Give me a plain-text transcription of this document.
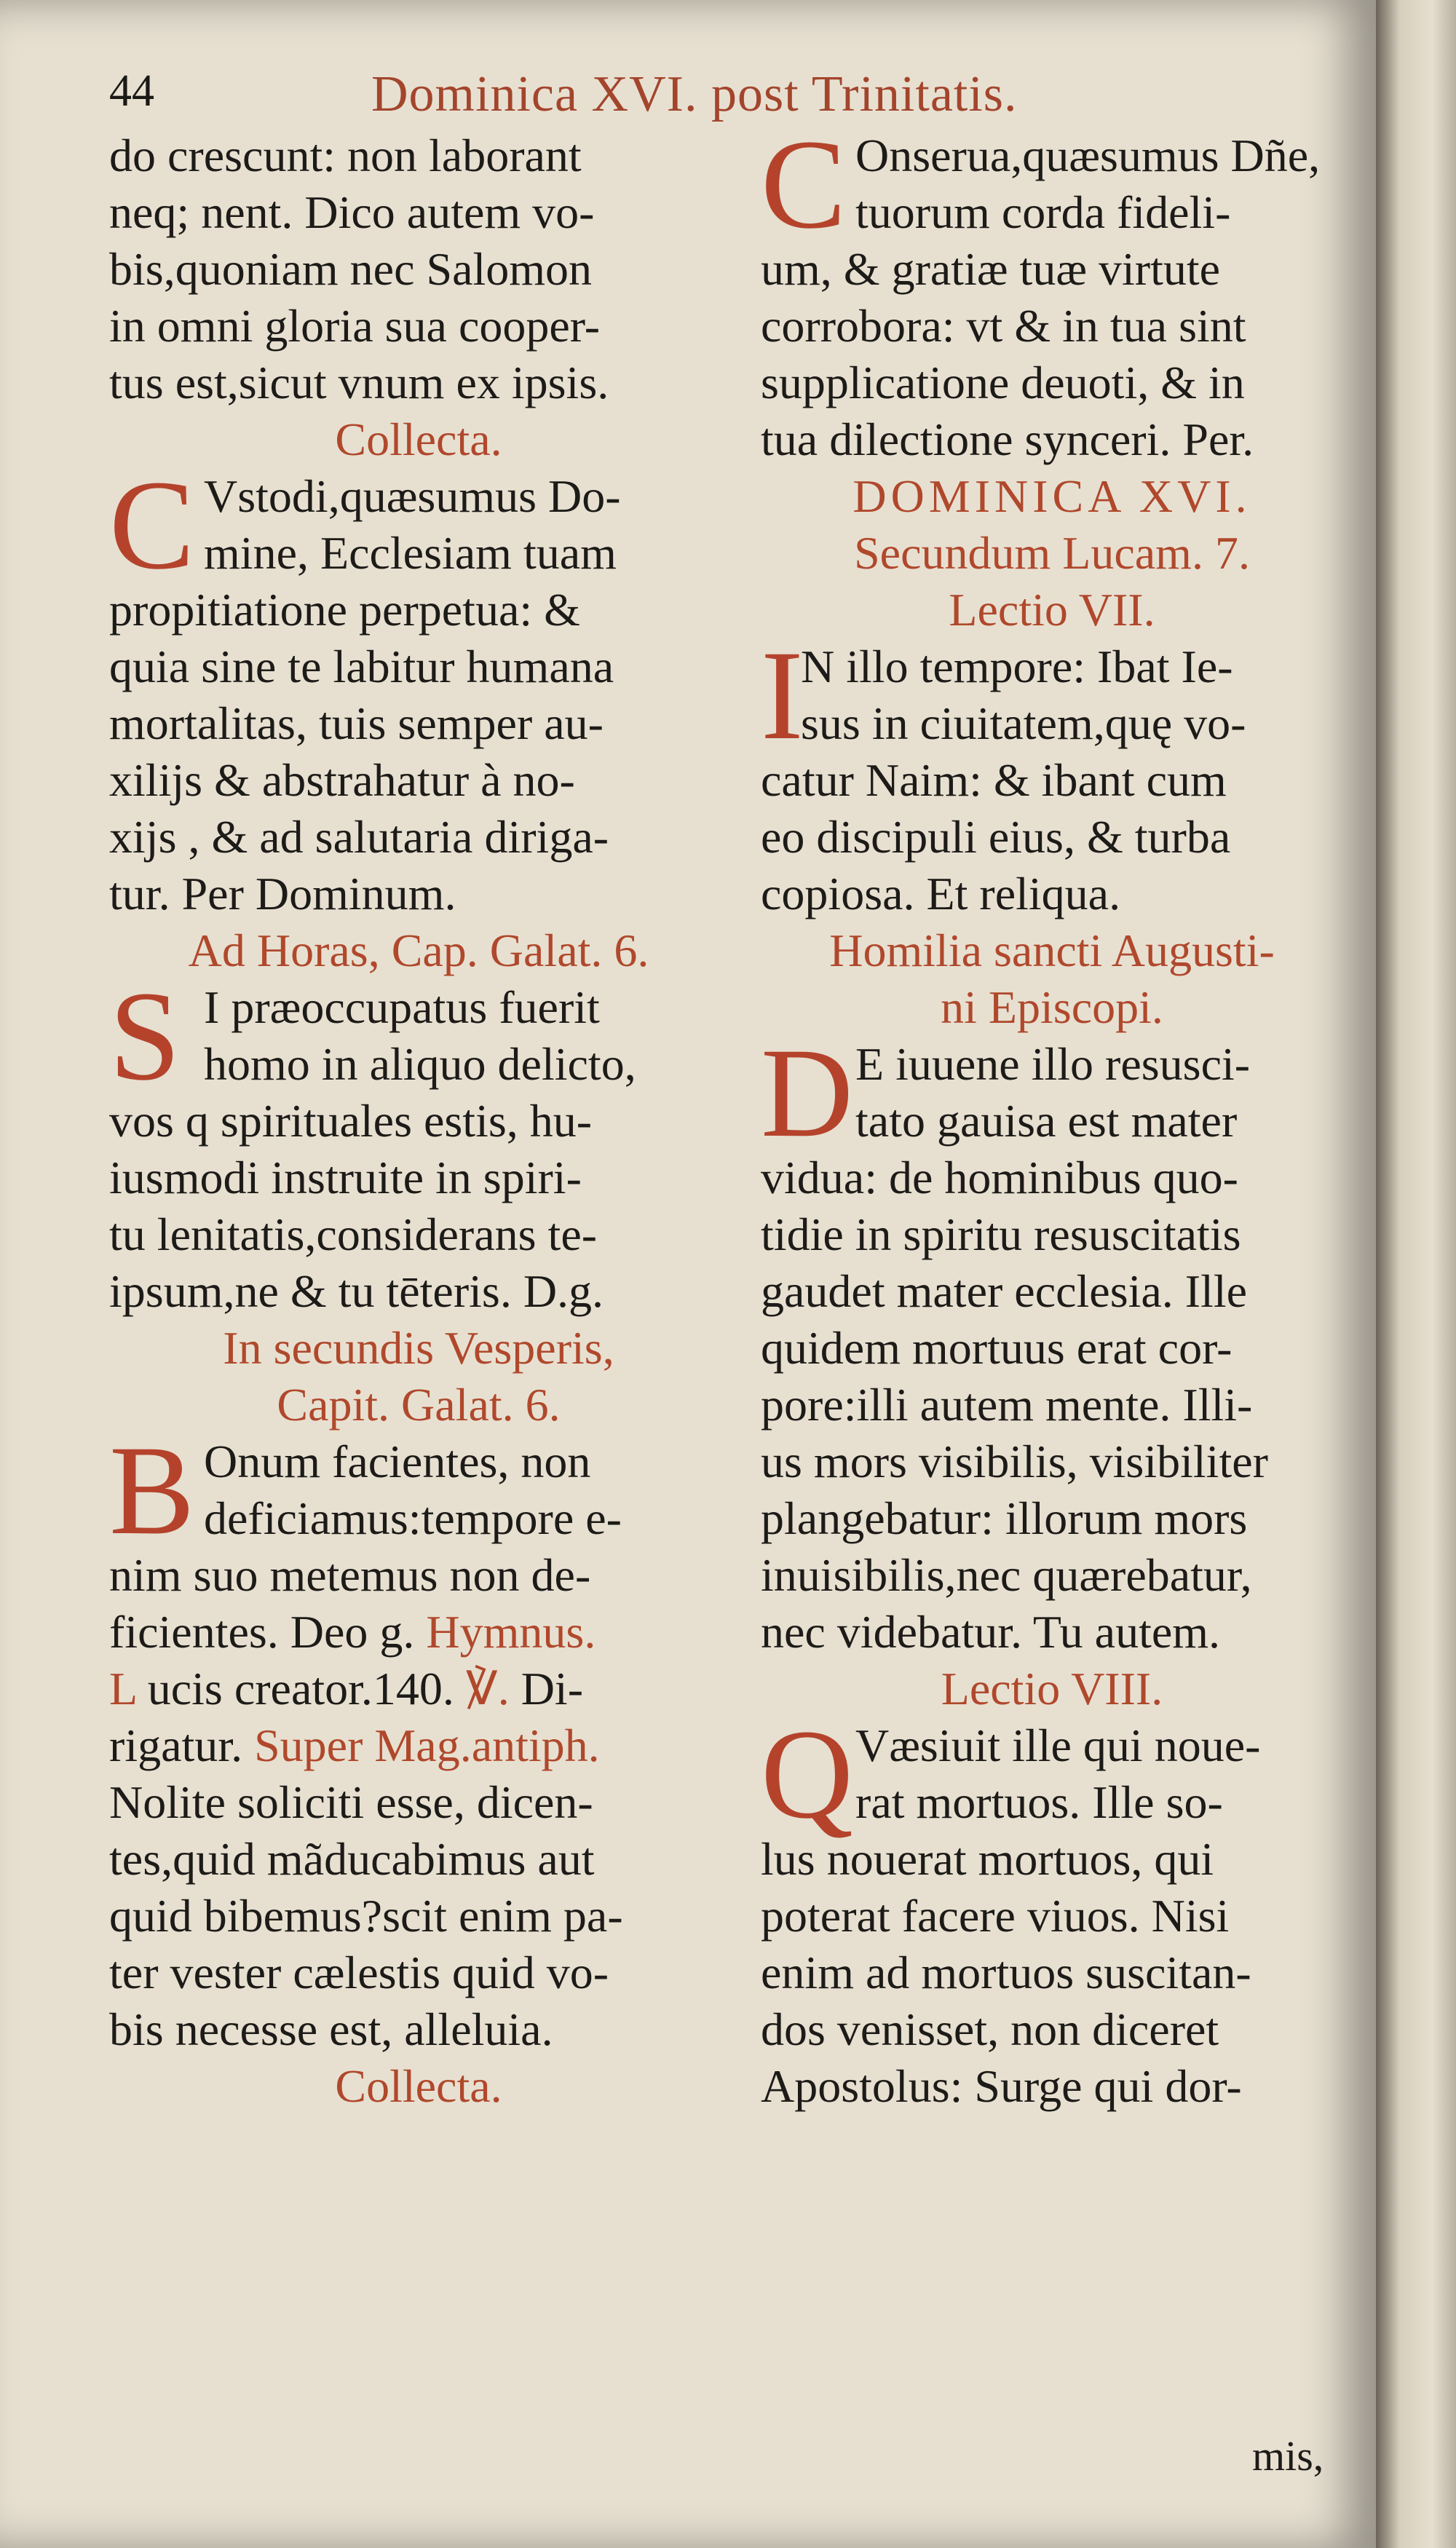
44	Dominica XVI. post Trinitatis.
do crescunt: non laborant
neq; nent. Dico autem vo-
bis,quoniam nec Salomon
in omni gloria sua cooper-
tus est,sicut vnum ex ipsis.
Collecta.
C Vstodi,quæsumus Do-
mine, Ecclesiam tuam
propitiatione perpetua: &
quia sine te labitur humana
mortalitas, tuis semper au-
xilijs & abstrahatur à no-
xijs , & ad salutaria diriga-
tur. Per Dominum.
Ad Horas, Cap. Galat. 6.
S I præoccupatus fuerit
homo in aliquo delicto,
vos q spirituales estis, hu-
iusmodi instruite in spiri-
tu lenitatis,considerans te-
ipsum,ne & tu tēteris. D.g.
In secundis Vesperis,
Capit. Galat. 6.
B Onum facientes, non
deficiamus:tempore e-
nim suo metemus non de-
ficientes. Deo g. Hymnus.
L ucis creator.140. ℣. Di-
rigatur. Super Mag.antiph.
Nolite soliciti esse, dicen-
tes,quid mãducabimus aut
quid bibemus?scit enim pa-
ter vester cælestis quid vo-
bis necesse est, alleluia.
Collecta.
C Onserua,quæsumus Dñe,
tuorum corda fideli-
um, & gratiæ tuæ virtute
corrobora: vt & in tua sint
supplicatione deuoti, & in
tua dilectione synceri. Per.
DOMINICA XVI.
Secundum Lucam. 7.
Lectio VII.
I
N illo tempore: Ibat Ie-
sus in ciuitatem,quę vo-
catur Naim: & ibant cum
eo discipuli eius, & turba
copiosa. Et reliqua.
Homilia sancti Augusti-
ni Episcopi.
D E iuuene illo resusci-
tato gauisa est mater
vidua: de hominibus quo-
tidie in spiritu resuscitatis
gaudet mater ecclesia. Ille
quidem mortuus erat cor-
pore:illi autem mente. Illi-
us mors visibilis, visibiliter
plangebatur: illorum mors
inuisibilis,nec quærebatur,
nec videbatur. Tu autem.
Lectio VIII.
Q Væsiuit ille qui noue-
rat mortuos. Ille so-
lus nouerat mortuos, qui
poterat facere viuos. Nisi
enim ad mortuos suscitan-
dos venisset, non diceret
Apostolus: Surge qui dor-
mis,
